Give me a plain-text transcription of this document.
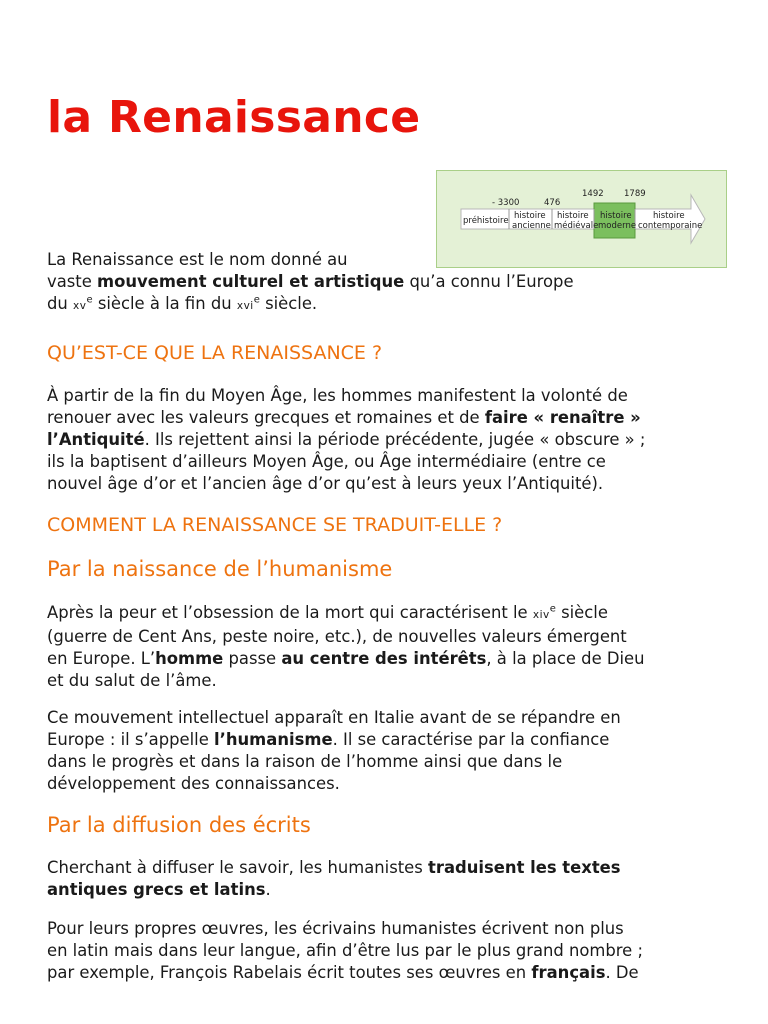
la Renaissance
- 3300	476
1492 1789
préhistoire histoire
ancienne
histoire
médiévale
histoire
moderne
histoire
contemporaine
La Renaissance est le nom donné au
vaste mouvement culturel et artistique qu’a connu l’Europe
du $xv^e$ siècle à la fin du xvi$^e$ siècle.
QU’EST-CE QUE LA RENAISSANCE ?
À partir de la fin du Moyen Âge, les hommes manifestent la volonté de
renouer avec les valeurs grecques et romaines et de faire « renaître »
l’Antiquité. Ils rejettent ainsi la période précédente, jugée « obscure » ;
ils la baptisent d’ailleurs Moyen Âge, ou Âge intermédiaire (entre ce
nouvel âge d’or et l’ancien âge d’or qu’est à leurs yeux l’Antiquité).
COMMENT LA RENAISSANCE SE TRADUIT-ELLE ?
Par la naissance de l’humanisme
Après la peur et l’obsession de la mort qui caractérisent le xiv$^e$ siècle
(guerre de Cent Ans, peste noire, etc.), de nouvelles valeurs émergent
en Europe. L’homme passe au centre des intérêts, à la place de Dieu
et du salut de l’âme.
Ce mouvement intellectuel apparaît en Italie avant de se répandre en
Europe : il s’appelle l’humanisme. Il se caractérise par la confiance
dans le progrès et dans la raison de l’homme ainsi que dans le
développement des connaissances.
Par la diffusion des écrits
Cherchant à diffuser le savoir, les humanistes traduisent les textes
antiques grecs et latins.
Pour leurs propres œuvres, les écrivains humanistes écrivent non plus
en latin mais dans leur langue, afin d’être lus par le plus grand nombre ;
par exemple, François Rabelais écrit toutes ses œuvres en français. De
